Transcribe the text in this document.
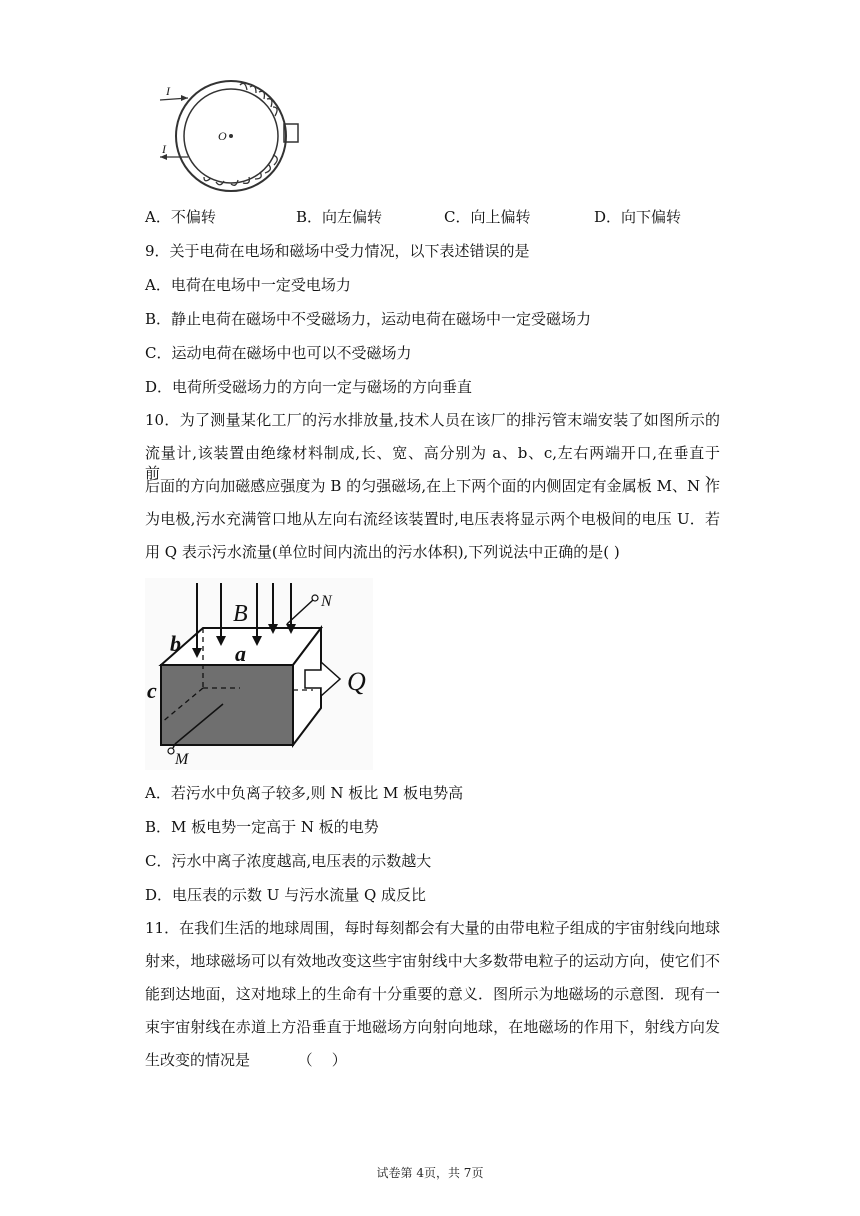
I
I
O
A．不偏转	B．向左偏转	C．向上偏转	D．向下偏转
9．关于电荷在电场和磁场中受力情况，以下表述错误的是
A．电荷在电场中一定受电场力
B．静止电荷在磁场中不受磁场力，运动电荷在磁场中一定受磁场力
C．运动电荷在磁场中也可以不受磁场力
D．电荷所受磁场力的方向一定与磁场的方向垂直
10．为了测量某化工厂的污水排放量,技术人员在该厂的排污管末端安装了如图所示的
流量计,该装置由绝缘材料制成,长、宽、高分别为 a、b、c,左右两端开口,在垂直于前、
后面的方向加磁感应强度为 B 的匀强磁场,在上下两个面的内侧固定有金属板 M、N 作
为电极,污水充满管口地从左向右流经该装置时,电压表将显示两个电极间的电压 U．若
用 Q 表示污水流量(单位时间内流出的污水体积),下列说法中正确的是( )
b
B	N
a
c	Q
M
A．若污水中负离子较多,则 N 板比 M 板电势高
B．M 板电势一定高于 N 板的电势
C．污水中离子浓度越高,电压表的示数越大
D．电压表的示数 U 与污水流量 Q 成反比
11．在我们生活的地球周围，每时每刻都会有大量的由带电粒子组成的宇宙射线向地球
射来，地球磁场可以有效地改变这些宇宙射线中大多数带电粒子的运动方向，使它们不
能到达地面，这对地球上的生命有十分重要的意义．图所示为地磁场的示意图．现有一
束宇宙射线在赤道上方沿垂直于地磁场方向射向地球，在地磁场的作用下，射线方向发
生改变的情况是          （    ）
试卷第 4页，共 7页
